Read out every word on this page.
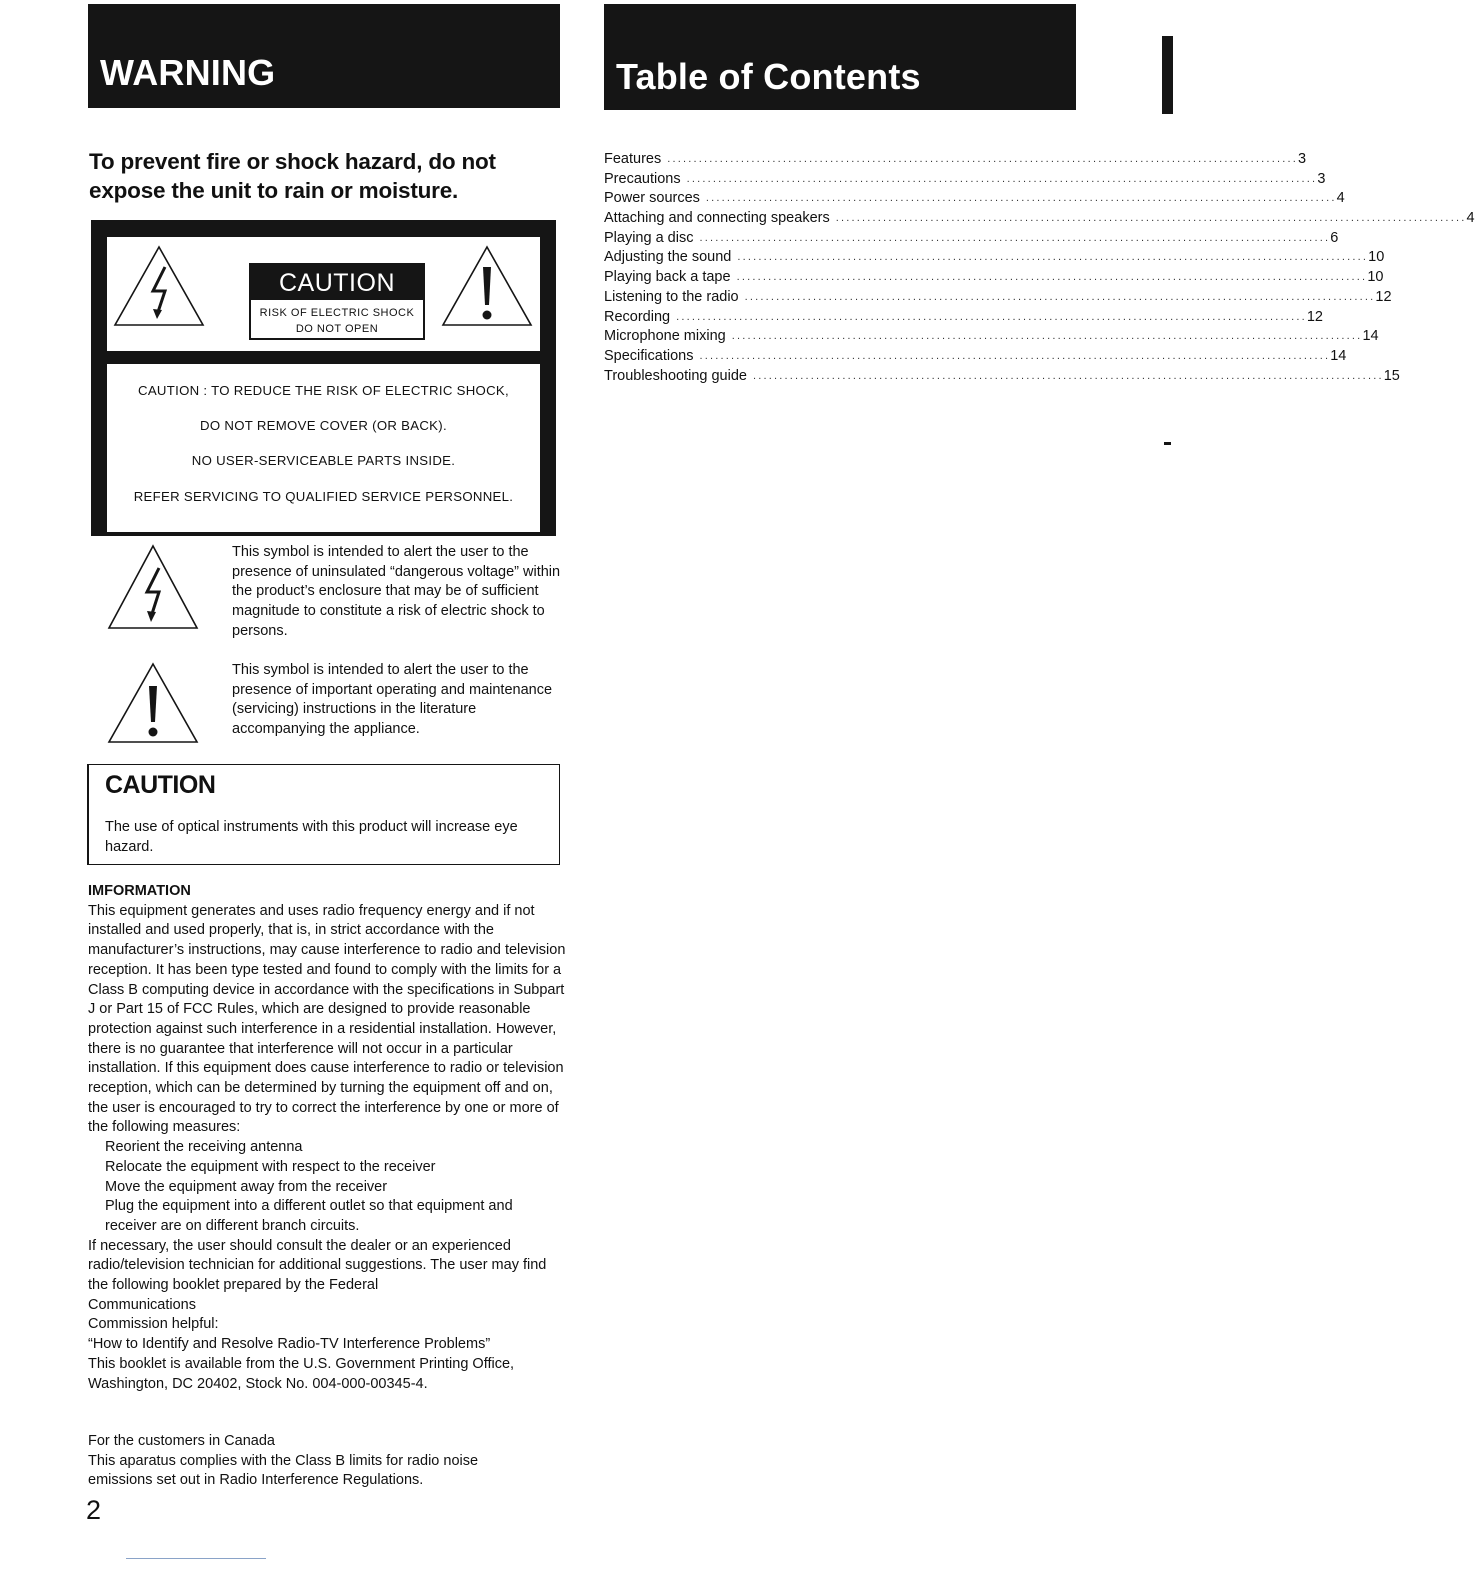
WARNING	Table of Contents
To prevent fire or shock hazard, do not expose the unit to rain or moisture.
CAUTION
RISK OF ELECTRIC SHOCK
DO NOT OPEN

CAUTION : TO REDUCE THE RISK OF ELECTRIC SHOCK,

DO NOT REMOVE COVER (OR BACK).

NO USER-SERVICEABLE PARTS INSIDE.

REFER SERVICING TO QUALIFIED SERVICE PERSONNEL.

This symbol is intended to alert the user to the presence of uninsulated “dangerous voltage” within the product’s enclosure that may be of sufficient magnitude to constitute a risk of electric shock to persons.
This symbol is intended to alert the user to the presence of important operating and maintenance (servicing) instructions in the literature accompanying the appliance.
CAUTION
The use of optical instruments with this product will increase eye hazard.
IMFORMATION
This equipment generates and uses radio frequency energy and if not installed and used properly, that is, in strict accordance with the manufacturer’s instructions, may cause interference to radio and television reception. It has been type tested and found to comply with the limits for a Class B computing device in accordance with the specifications in Subpart J or Part 15 of FCC Rules, which are designed to provide reasonable protection against such interference in a residential installation. However, there is no guarantee that interference will not occur in a particular installation. If this equipment does cause interference to radio or television reception, which can be determined by turning the equipment off and on, the user is encouraged to try to correct the interference by one or more of the following measures:
Reorient the receiving antenna
Relocate the equipment with respect to the receiver
Move the equipment away from the receiver
Plug the equipment into a different outlet so that equipment and receiver are on different branch circuits.
If necessary, the user should consult the dealer or an experienced radio/television technician for additional suggestions. The user may find the following booklet prepared by the Federal
Communications
Commission helpful:
“How to Identify and Resolve Radio-TV Interference Problems”
This booklet is available from the U.S. Government Printing Office, Washington, DC 20402, Stock No. 004-000-00345-4.
For the customers in Canada
This aparatus complies with the Class B limits for radio noise emissions set out in Radio Interference Regulations.
2
Features ........................................................................................................................ 3
Precautions ........................................................................................................................ 3
Power sources ........................................................................................................................ 4
Attaching and connecting speakers ........................................................................................................................ 4
Playing a disc ........................................................................................................................ 6
Adjusting the sound ........................................................................................................................ 10
Playing back a tape ........................................................................................................................ 10
Listening to the radio ........................................................................................................................ 12
Recording ........................................................................................................................ 12
Microphone mixing ........................................................................................................................ 14
Specifications ........................................................................................................................ 14
Troubleshooting guide ........................................................................................................................ 15
